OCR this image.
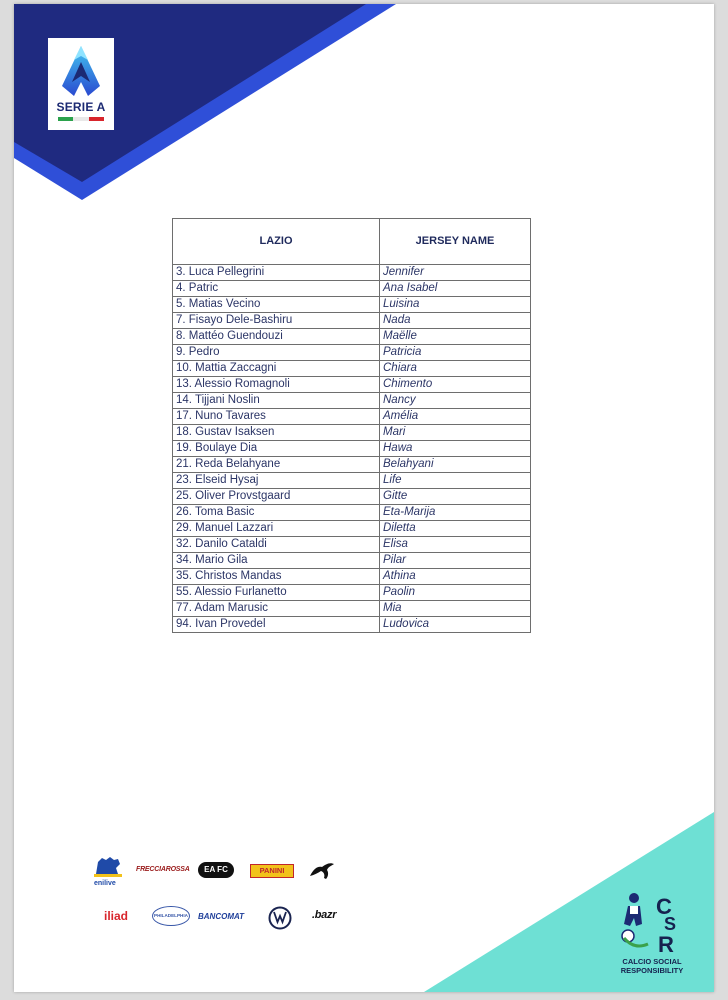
SERIE A
LAZIO	JERSEY NAME
3. Luca Pellegrini	Jennifer
4. Patric	Ana Isabel
5. Matias Vecino	Luisina
7. Fisayo Dele-Bashiru	Nada
8. Mattéo Guendouzi	Maëlle
9. Pedro	Patricia
10. Mattia Zaccagni	Chiara
13. Alessio Romagnoli	Chimento
14. Tijjani Noslin	Nancy
17. Nuno Tavares	Amélia
18. Gustav Isaksen	Mari
19. Boulaye Dia	Hawa
21. Reda Belahyane	Belahyani
23. Elseid Hysaj	Life
25. Oliver Provstgaard	Gitte
26. Toma Basic	Eta-Marija
29. Manuel Lazzari	Diletta
32. Danilo Cataldi	Elisa
34. Mario Gila	Pilar
35. Christos Mandas	Athina
55. Alessio Furlanetto	Paolin
77. Adam Marusic	Mia
94. Ivan Provedel	Ludovica
enilive
FRECCIAROSSA	EA FC	PANINI
iliad	PHILADELPHIA BANCOMAT	.bazr	C
S
R
CALCIO SOCIAL
RESPONSIBILITY
